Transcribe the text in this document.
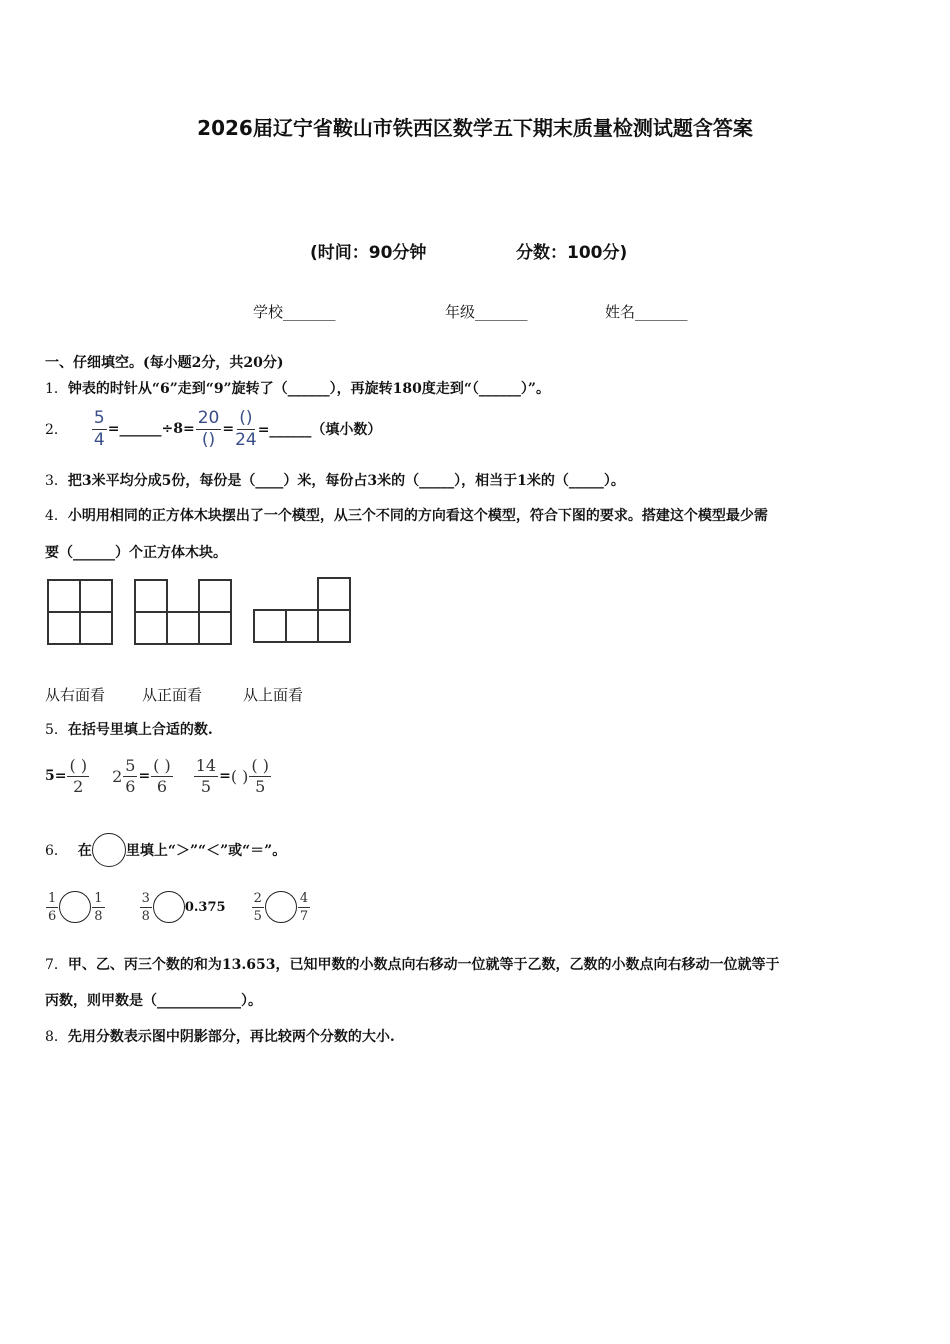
2026届辽宁省鞍山市铁西区数学五下期末质量检测试题含答案
(时间：90分钟	分数：100分)
学校_______	年级_______	姓名_______
一、仔细填空。(每小题2分，共20分)
1．钟表的时针从“6”走到“9”旋转了（______），再旋转180度走到“（______）”。
2． $\frac{5}{4}$ =______÷8= $\frac{20}{()} = \frac{()}{24}$ =______（填小数）
3．把3米平均分成5份，每份是（____）米，每份占3米的（_____），相当于1米的（_____）。
4．小明用相同的正方体木块摆出了一个模型，从三个不同的方向看这个模型，符合下图的要求。搭建这个模型最少需
要（______）个正方体木块。
从右面看 从正面看	从上面看
5．在括号里填上合适的数.
$5= \frac{( )}{2} 2 \frac{5}{6} = \frac{( )}{6} \frac{14}{5}$ = ( ) $\frac{( )}{5}$
6． 在 里填上“＞”“＜”或“＝”。
$\frac{1}{6}$	$\frac{1}{8}$	$\frac{3}{8}$	$0.375 \frac{2}{5}$	$\frac{4}{7}$
7．甲、乙、丙三个数的和为13.653，已知甲数的小数点向右移动一位就等于乙数，乙数的小数点向右移动一位就等于
丙数，则甲数是（____________）。
8．先用分数表示图中阴影部分，再比较两个分数的大小.
